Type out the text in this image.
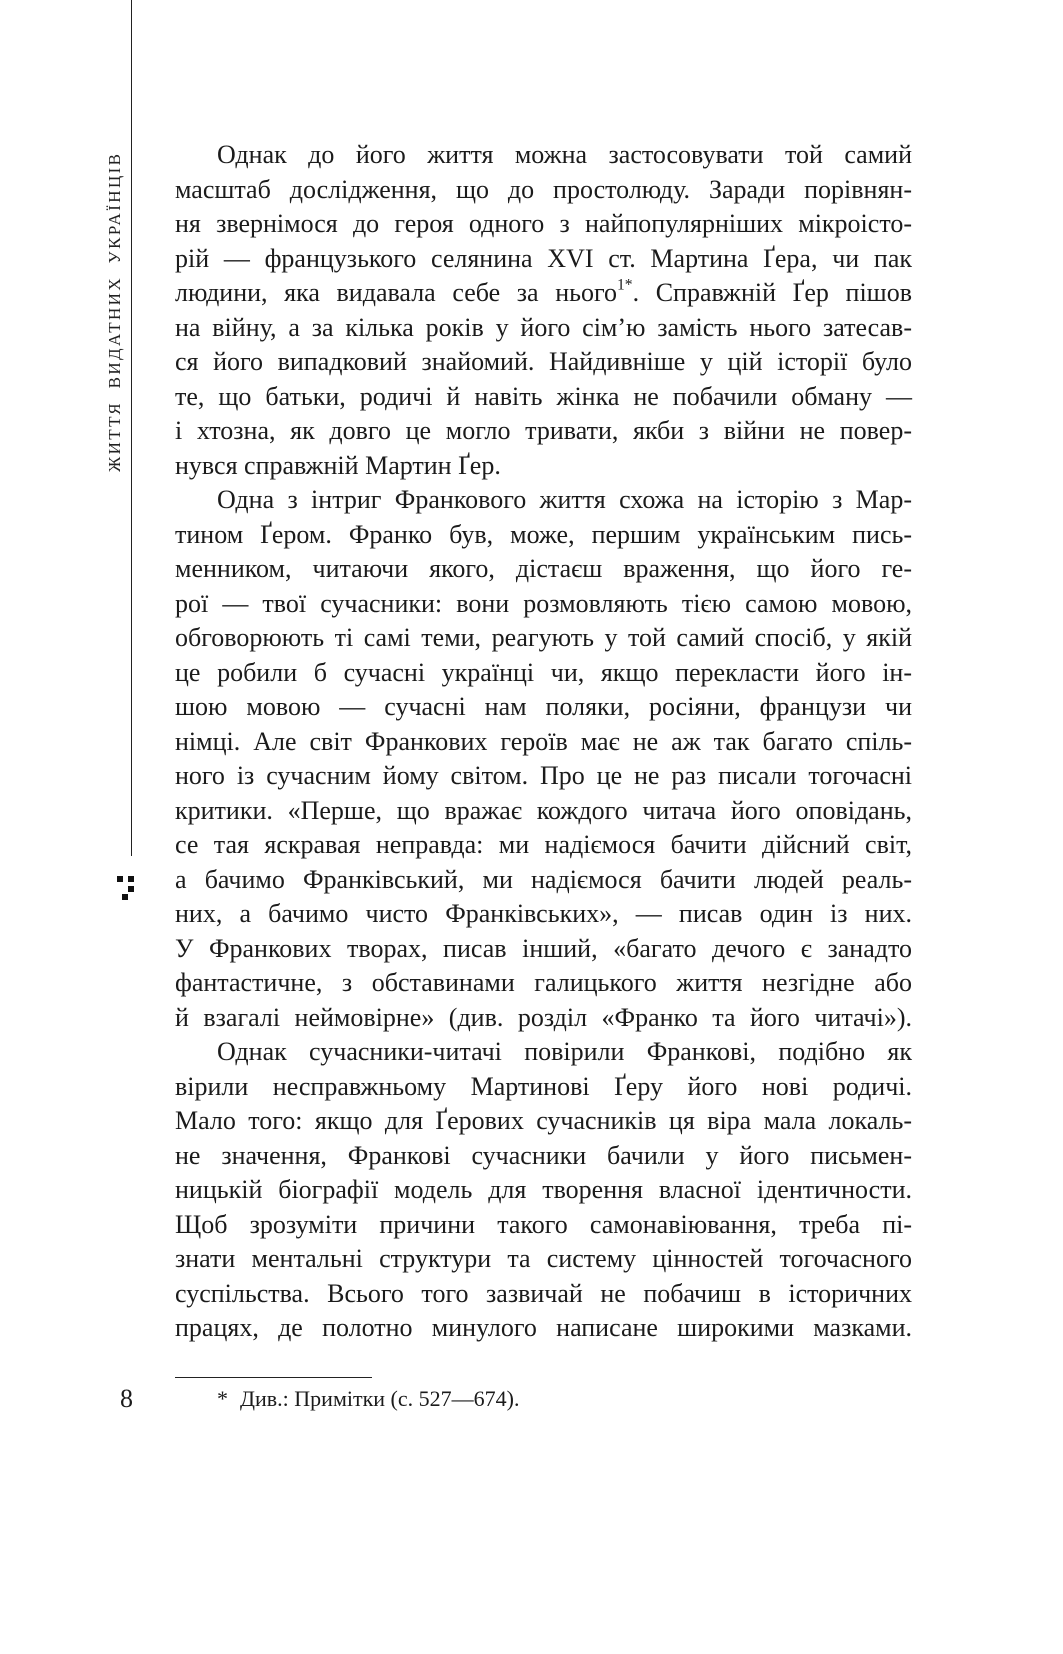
ЖИТТЯ ВИДАТНИХ УКРАЇНЦІВ	Однак до його життя можна застосовувати той самий
масштаб дослідження, що до простолюду. Заради порівнян-
ня звернімося до героя одного з найпопулярніших мікроісто-
рій — французького селянина XVI ст. Мартина Ґера, чи пак
людини, яка видавала себе за нього$^{1*}$. Справжній Ґер пішов
на війну, а за кілька років у його сім’ю замість нього затесав-
ся його випадковий знайомий. Найдивніше у цій історії було
те, що батьки, родичі й навіть жінка не побачили обману —
і хтозна, як довго це могло тривати, якби з війни не повер-
нувся справжній Мартин Ґер.
Одна з інтриг Франкового життя схожа на історію з Мар-
тином Ґером. Франко був, може, першим українським пись-
менником, читаючи якого, дістаєш враження, що його ге-
рої — твої сучасники: вони розмовляють тією самою мовою,
обговорюють ті самі теми, реагують у той самий спосіб, у якій
це робили б сучасні українці чи, якщо перекласти його ін-
шою мовою — сучасні нам поляки, росіяни, французи чи
німці. Але світ Франкових героїв має не аж так багато спіль-
ного із сучасним йому світом. Про це не раз писали тогочасні
критики. «Перше, що вражає кождого читача його оповідань,
се тая яскравая неправда: ми надіємося бачити дійсний світ,
а бачимо Франківський, ми надіємося бачити людей реаль-
них, а бачимо чисто Франківських», — писав один із них.
У Франкових творах, писав інший, «багато дечого є занадто
фантастичне, з обставинами галицького життя незгідне або
й взагалі неймовірне» (див. розділ «Франко та його читачі»).
Однак сучасники-читачі повірили Франкові, подібно як
вірили несправжньому Мартинові Ґеру його нові родичі.
Мало того: якщо для Ґерових сучасників ця віра мала локаль-
не значення, Франкові сучасники бачили у його письмен-
ницькій біографії модель для творення власної ідентичности.
Щоб зрозуміти причини такого самонавіювання, треба пі-
знати ментальні структури та систему цінностей тогочасного
суспільства. Всього того зазвичай не побачиш в історичних
працях, де полотно минулого написане широкими мазками.
8	* Див.: Примітки (с. 527—674).
